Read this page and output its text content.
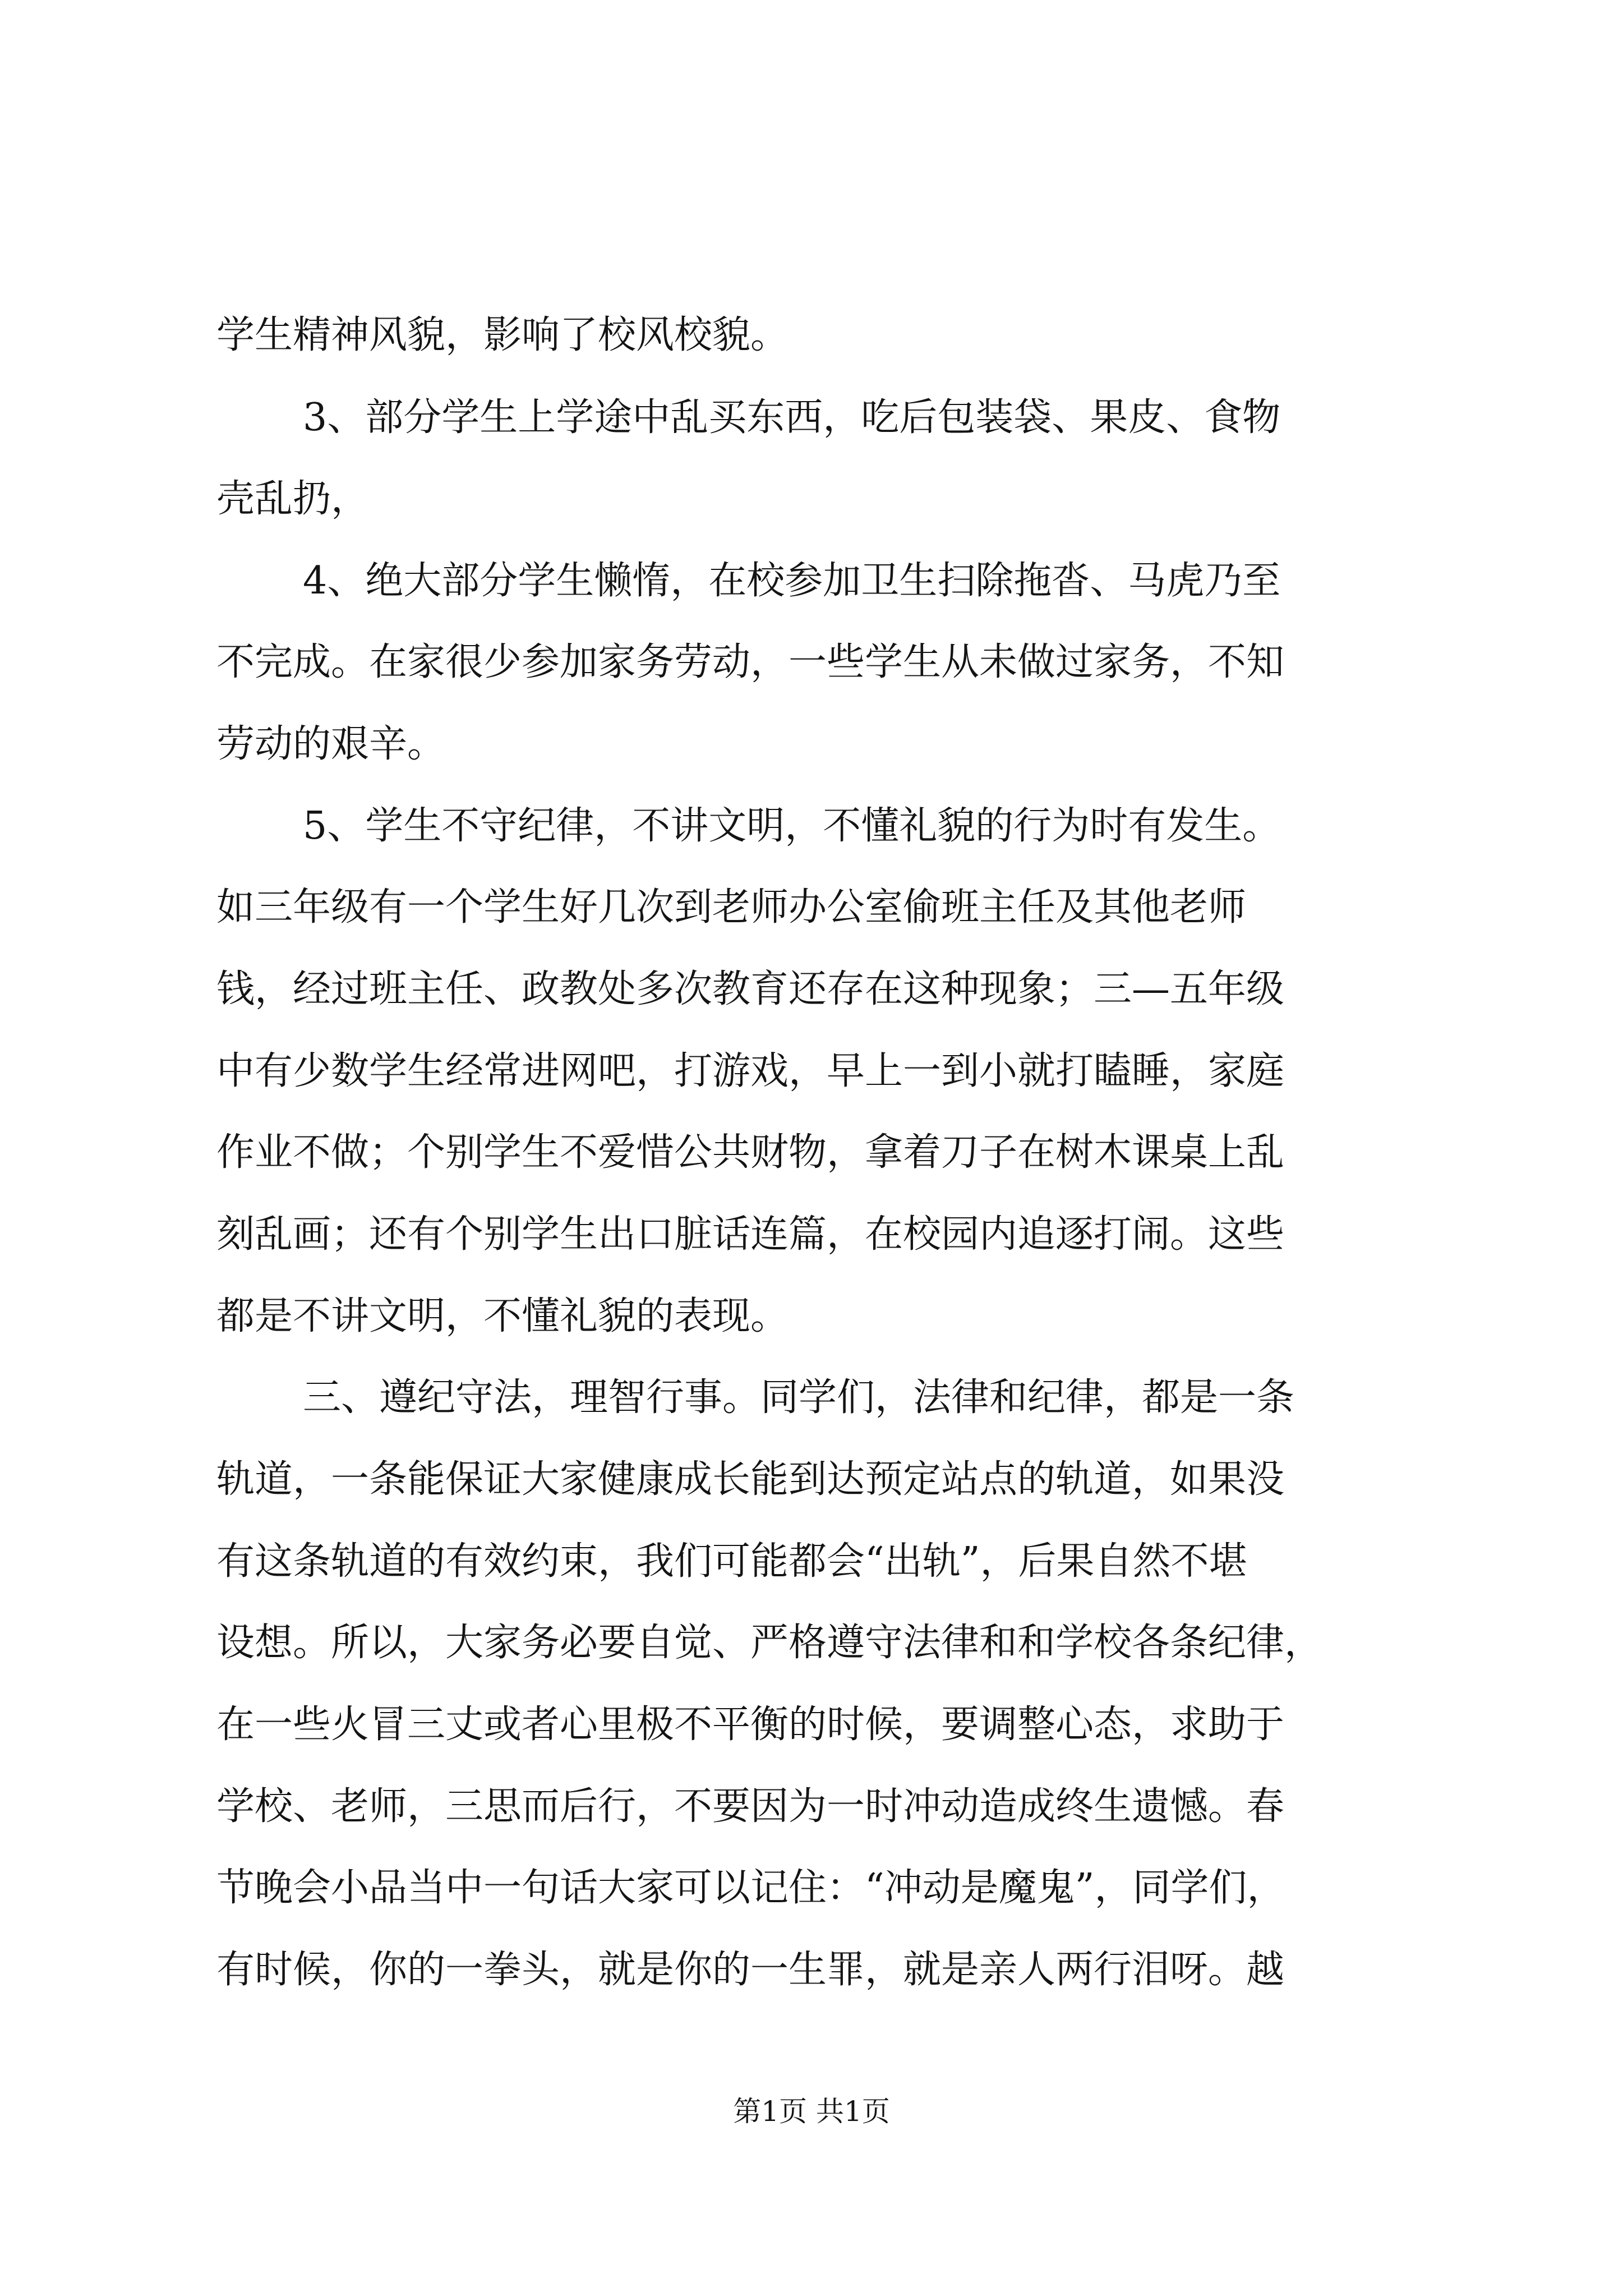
学生精神风貌，影响了校风校貌。
3、部分学生上学途中乱买东西，吃后包装袋、果皮、食物
壳乱扔，
4、绝大部分学生懒惰，在校参加卫生扫除拖沓、马虎乃至
不完成。在家很少参加家务劳动，一些学生从未做过家务，不知
劳动的艰辛。
5、学生不守纪律，不讲文明，不懂礼貌的行为时有发生。
如三年级有一个学生好几次到老师办公室偷班主任及其他老师
钱，经过班主任、政教处多次教育还存在这种现象；三—五年级
中有少数学生经常进网吧，打游戏，早上一到小就打瞌睡，家庭
作业不做；个别学生不爱惜公共财物，拿着刀子在树木课桌上乱
刻乱画；还有个别学生出口脏话连篇，在校园内追逐打闹。这些
都是不讲文明，不懂礼貌的表现。
三、遵纪守法，理智行事。同学们，法律和纪律，都是一条
轨道，一条能保证大家健康成长能到达预定站点的轨道，如果没
有这条轨道的有效约束，我们可能都会“出轨”，后果自然不堪
设想。所以，大家务必要自觉、严格遵守法律和和学校各条纪律，
在一些火冒三丈或者心里极不平衡的时候，要调整心态，求助于
学校、老师，三思而后行，不要因为一时冲动造成终生遗憾。春
节晚会小品当中一句话大家可以记住：“冲动是魔鬼”，同学们，
有时候，你的一拳头，就是你的一生罪，就是亲人两行泪呀。越
第1页 共1页
